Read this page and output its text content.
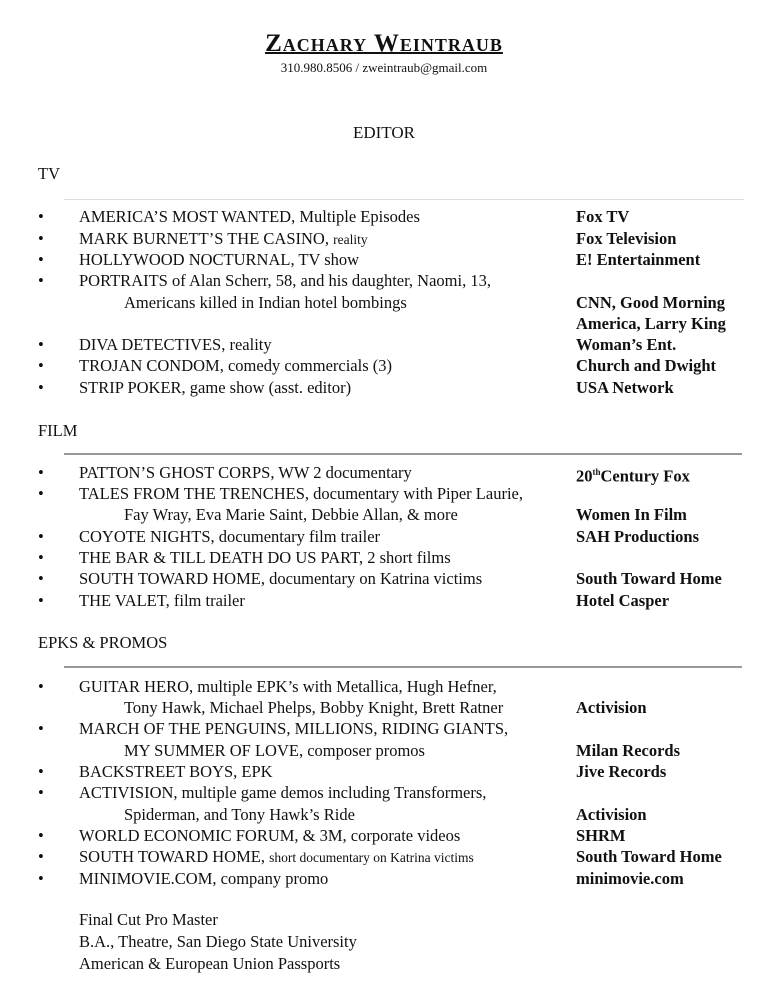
Zachary Weintraub
310.980.8506 / zweintraub@gmail.com
EDITOR
TV
•	AMERICA’S MOST WANTED, Multiple Episodes	Fox TV
•	MARK BURNETT’S THE CASINO, reality	Fox Television
•	HOLLYWOOD NOCTURNAL, TV show	E! Entertainment
•	PORTRAITS of Alan Scherr, 58, and his daughter, Naomi, 13,
Americans killed in Indian hotel bombings	CNN, Good Morning
America, Larry King
•	DIVA DETECTIVES, reality	Woman’s Ent.
•	TROJAN CONDOM, comedy commercials (3)	Church and Dwight
•	STRIP POKER, game show (asst. editor)	USA Network
FILM
•	PATTON’S GHOST CORPS, WW 2 documentary	20thCentury Fox
•	TALES FROM THE TRENCHES, documentary with Piper Laurie,
Fay Wray, Eva Marie Saint, Debbie Allan, & more	Women In Film
•	COYOTE NIGHTS, documentary film trailer	SAH Productions
•	THE BAR & TILL DEATH DO US PART, 2 short films
•	SOUTH TOWARD HOME, documentary on Katrina victims	South Toward Home
•	THE VALET, film trailer	Hotel Casper
EPKS & PROMOS
•	GUITAR HERO, multiple EPK’s with Metallica, Hugh Hefner,
Tony Hawk, Michael Phelps, Bobby Knight, Brett Ratner	Activision
•	MARCH OF THE PENGUINS, MILLIONS, RIDING GIANTS,
MY SUMMER OF LOVE, composer promos	Milan Records
•	BACKSTREET BOYS, EPK	Jive Records
•	ACTIVISION, multiple game demos including Transformers,
Spiderman, and Tony Hawk’s Ride	Activision
•	WORLD ECONOMIC FORUM, & 3M, corporate videos	SHRM
•	SOUTH TOWARD HOME, short documentary on Katrina victims	South Toward Home
•	MINIMOVIE.COM, company promo	minimovie.com
Final Cut Pro Master
B.A., Theatre, San Diego State University
American & European Union Passports
